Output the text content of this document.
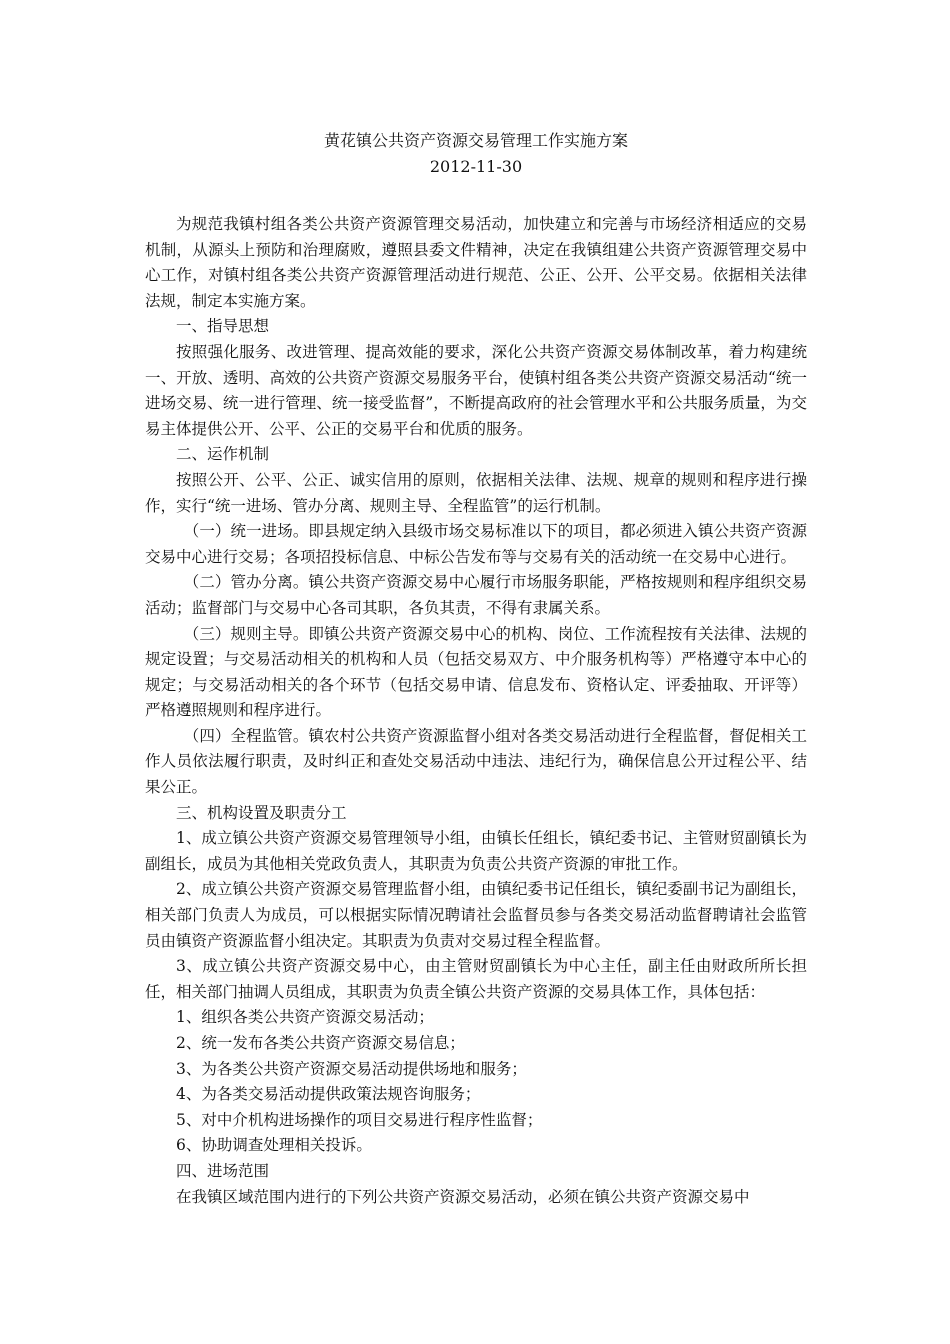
黄花镇公共资产资源交易管理工作实施方案

2012-11-30

为规范我镇村组各类公共资产资源管理交易活动，加快建立和完善与市场经济相适应的交易机制，从源头上预防和治理腐败，遵照县委文件精神，决定在我镇组建公共资产资源管理交易中心工作，对镇村组各类公共资产资源管理活动进行规范、公正、公开、公平交易。依据相关法律法规，制定本实施方案。

一、指导思想

按照强化服务、改进管理、提高效能的要求，深化公共资产资源交易体制改革，着力构建统一、开放、透明、高效的公共资产资源交易服务平台，使镇村组各类公共资产资源交易活动“统一进场交易、统一进行管理、统一接受监督”，不断提高政府的社会管理水平和公共服务质量，为交易主体提供公开、公平、公正的交易平台和优质的服务。

二、运作机制

按照公开、公平、公正、诚实信用的原则，依据相关法律、法规、规章的规则和程序进行操作，实行“统一进场、管办分离、规则主导、全程监管”的运行机制。

（一）统一进场。即县规定纳入县级市场交易标准以下的项目，都必须进入镇公共资产资源交易中心进行交易；各项招投标信息、中标公告发布等与交易有关的活动统一在交易中心进行。

（二）管办分离。镇公共资产资源交易中心履行市场服务职能，严格按规则和程序组织交易活动；监督部门与交易中心各司其职，各负其责，不得有隶属关系。

（三）规则主导。即镇公共资产资源交易中心的机构、岗位、工作流程按有关法律、法规的规定设置；与交易活动相关的机构和人员（包括交易双方、中介服务机构等）严格遵守本中心的规定；与交易活动相关的各个环节（包括交易申请、信息发布、资格认定、评委抽取、开评等）严格遵照规则和程序进行。

（四）全程监管。镇农村公共资产资源监督小组对各类交易活动进行全程监督，督促相关工作人员依法履行职责，及时纠正和查处交易活动中违法、违纪行为，确保信息公开过程公平、结果公正。

三、机构设置及职责分工

1、成立镇公共资产资源交易管理领导小组，由镇长任组长，镇纪委书记、主管财贸副镇长为副组长，成员为其他相关党政负责人，其职责为负责公共资产资源的审批工作。

2、成立镇公共资产资源交易管理监督小组，由镇纪委书记任组长，镇纪委副书记为副组长，相关部门负责人为成员，可以根据实际情况聘请社会监督员参与各类交易活动监督聘请社会监管员由镇资产资源监督小组决定。其职责为负责对交易过程全程监督。

3、成立镇公共资产资源交易中心，由主管财贸副镇长为中心主任，副主任由财政所所长担任，相关部门抽调人员组成，其职责为负责全镇公共资产资源的交易具体工作，具体包括：

1、组织各类公共资产资源交易活动；

2、统一发布各类公共资产资源交易信息；

3、为各类公共资产资源交易活动提供场地和服务；

4、为各类交易活动提供政策法规咨询服务；

5、对中介机构进场操作的项目交易进行程序性监督；

6、协助调查处理相关投诉。

四、进场范围

在我镇区域范围内进行的下列公共资产资源交易活动，必须在镇公共资产资源交易中
